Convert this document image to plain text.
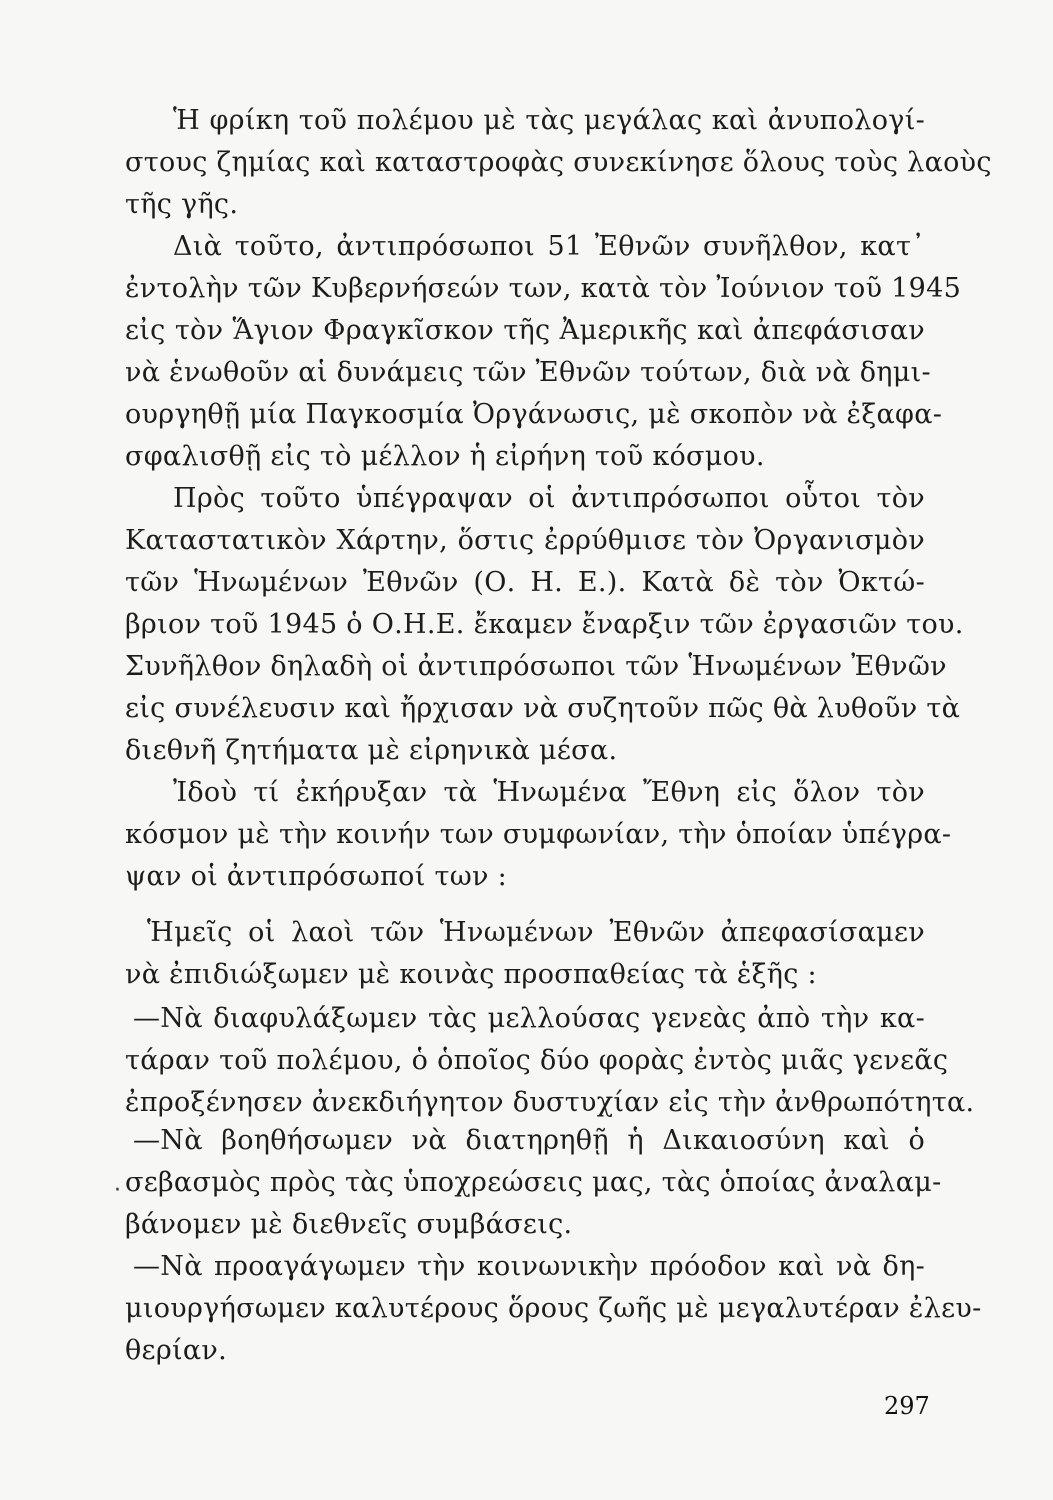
Ἡ φρίκη τοῦ πολέμου μὲ τὰς μεγάλας καὶ ἀνυπολογί-
στους ζημίας καὶ καταστροφὰς συνεκίνησε ὅλους τοὺς λαοὺς
τῆς γῆς.
Διὰ τοῦτο, ἀντιπρόσωποι 51 Ἐθνῶν συνῆλθον, κατ᾽
ἐντολὴν τῶν Κυβερνήσεών των, κατὰ τὸν Ἰούνιον τοῦ 1945
εἰς τὸν Ἅγιον Φραγκῖσκον τῆς Ἀμερικῆς καὶ ἀπεφάσισαν
νὰ ἑνωθοῦν αἱ δυνάμεις τῶν Ἐθνῶν τούτων, διὰ νὰ δημι-
ουργηθῇ μία Παγκοσμία Ὀργάνωσις, μὲ σκοπὸν νὰ ἐξαφα-
σφαλισθῇ εἰς τὸ μέλλον ἡ εἰρήνη τοῦ κόσμου.
Πρὸς τοῦτο ὑπέγραψαν οἱ ἀντιπρόσωποι οὗτοι τὸν
Καταστατικὸν Χάρτην, ὅστις ἐρρύθμισε τὸν Ὀργανισμὸν
τῶν Ἡνωμένων Ἐθνῶν (Ο. Η. Ε.). Κατὰ δὲ τὸν Ὀκτώ-
βριον τοῦ 1945 ὁ Ο.Η.Ε. ἔκαμεν ἔναρξιν τῶν ἐργασιῶν του.
Συνῆλθον δηλαδὴ οἱ ἀντιπρόσωποι τῶν Ἡνωμένων Ἐθνῶν
εἰς συνέλευσιν καὶ ἤρχισαν νὰ συζητοῦν πῶς θὰ λυθοῦν τὰ
διεθνῆ ζητήματα μὲ εἰρηνικὰ μέσα.
Ἰδοὺ τί ἐκήρυξαν τὰ Ἡνωμένα Ἔθνη εἰς ὅλον τὸν
κόσμον μὲ τὴν κοινήν των συμφωνίαν, τὴν ὁποίαν ὑπέγρα-
ψαν οἱ ἀντιπρόσωποί των :
Ἡμεῖς οἱ λαοὶ τῶν Ἡνωμένων Ἐθνῶν ἀπεφασίσαμεν
νὰ ἐπιδιώξωμεν μὲ κοινὰς προσπαθείας τὰ ἑξῆς :
—Νὰ διαφυλάξωμεν τὰς μελλούσας γενεὰς ἀπὸ τὴν κα-
τάραν τοῦ πολέμου, ὁ ὁποῖος δύο φορὰς ἐντὸς μιᾶς γενεᾶς
ἐπροξένησεν ἀνεκδιήγητον δυστυχίαν εἰς τὴν ἀνθρωπότητα.
—Νὰ βοηθήσωμεν νὰ διατηρηθῇ ἡ Δικαιοσύνη καὶ ὁ
σεβασμὸς πρὸς τὰς ὑποχρεώσεις μας, τὰς ὁποίας ἀναλαμ-
βάνομεν μὲ διεθνεῖς συμβάσεις.
—Νὰ προαγάγωμεν τὴν κοινωνικὴν πρόοδον καὶ νὰ δη-
μιουργήσωμεν καλυτέρους ὅρους ζωῆς μὲ μεγαλυτέραν ἐλευ-
θερίαν.
·
297
